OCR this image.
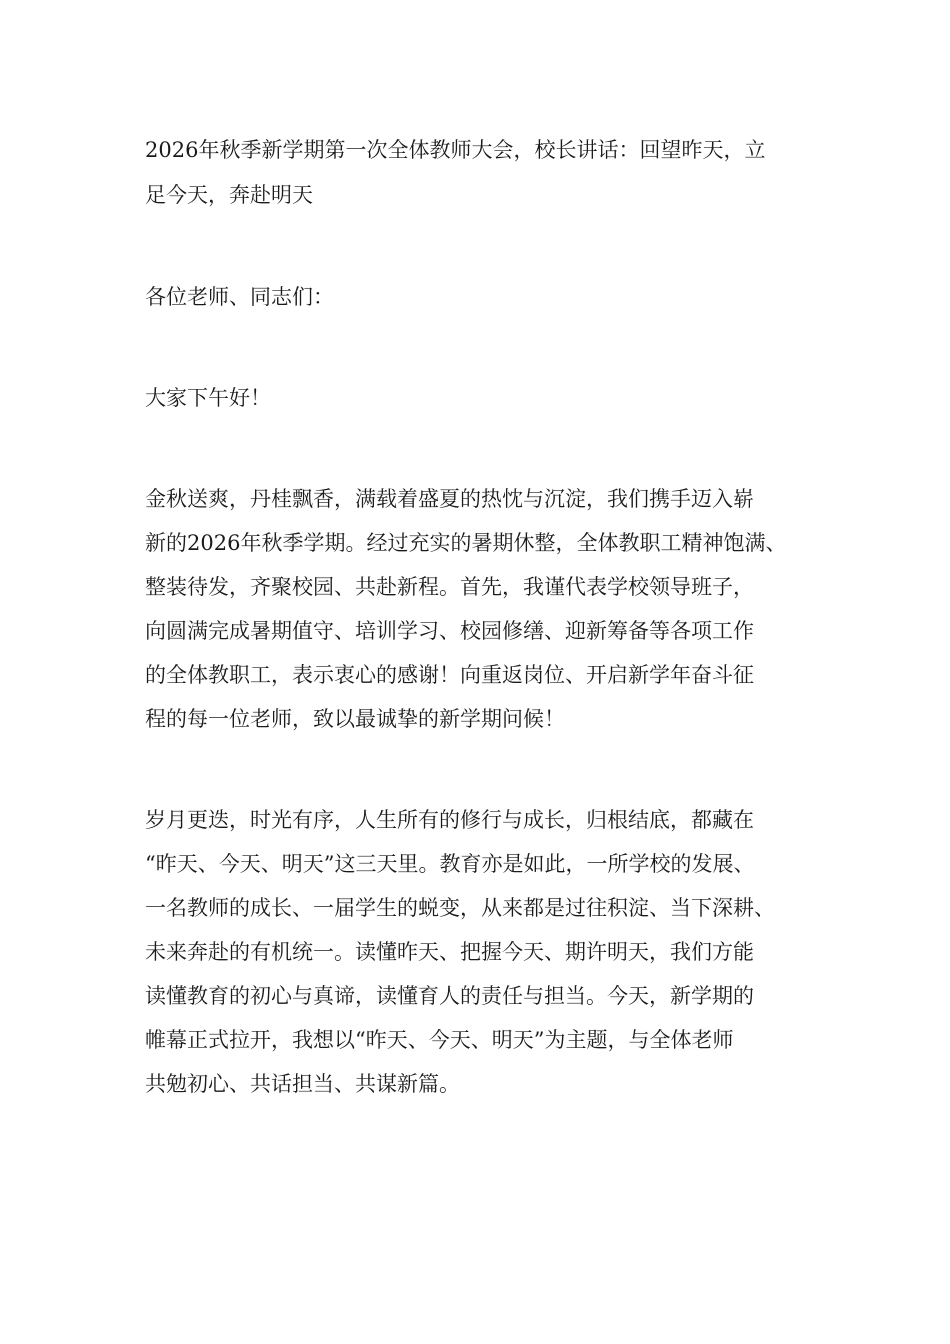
2026年秋季新学期第一次全体教师大会，校长讲话：回望昨天，立
足今天，奔赴明天

各位老师、同志们：

大家下午好！

金秋送爽，丹桂飘香，满载着盛夏的热忱与沉淀，我们携手迈入崭
新的2026年秋季学期。经过充实的暑期休整，全体教职工精神饱满、
整装待发，齐聚校园、共赴新程。首先，我谨代表学校领导班子，
向圆满完成暑期值守、培训学习、校园修缮、迎新筹备等各项工作
的全体教职工，表示衷心的感谢！向重返岗位、开启新学年奋斗征
程的每一位老师，致以最诚挚的新学期问候！

岁月更迭，时光有序，人生所有的修行与成长，归根结底，都藏在
“昨天、今天、明天”这三天里。教育亦是如此，一所学校的发展、
一名教师的成长、一届学生的蜕变，从来都是过往积淀、当下深耕、
未来奔赴的有机统一。读懂昨天、把握今天、期许明天，我们方能
读懂教育的初心与真谛，读懂育人的责任与担当。今天，新学期的
帷幕正式拉开，我想以“昨天、今天、明天”为主题，与全体老师
共勉初心、共话担当、共谋新篇。
